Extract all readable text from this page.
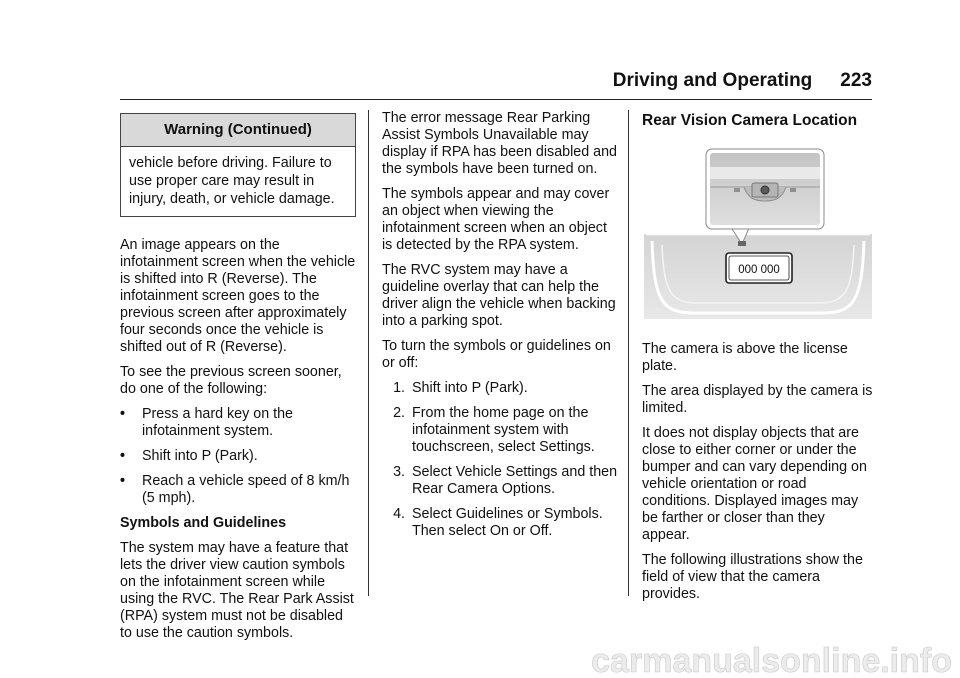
Driving and Operating 223
Warning (Continued)
vehicle before driving. Failure to use proper care may result in injury, death, or vehicle damage.

An image appears on the infotainment screen when the vehicle is shifted into R (Reverse). The infotainment screen goes to the previous screen after approximately four seconds once the vehicle is shifted out of R (Reverse).

To see the previous screen sooner, do one of the following:

•	Press a hard key on the infotainment system.
•	Shift into P (Park).
•	Reach a vehicle speed of 8 km/h (5 mph).

Symbols and Guidelines

The system may have a feature that lets the driver view caution symbols on the infotainment screen while using the RVC. The Rear Park Assist (RPA) system must not be disabled to use the caution symbols.

The error message Rear Parking Assist Symbols Unavailable may display if RPA has been disabled and the symbols have been turned on.

The symbols appear and may cover an object when viewing the infotainment screen when an object is detected by the RPA system.

The RVC system may have a guideline overlay that can help the driver align the vehicle when backing into a parking spot.

To turn the symbols or guidelines on or off:

1. Shift into P (Park).
2. From the home page on the infotainment system with touchscreen, select Settings.
3. Select Vehicle Settings and then Rear Camera Options.
4. Select Guidelines or Symbols. Then select On or Off.
Rear Vision Camera Location
000 000

The camera is above the license plate.

The area displayed by the camera is limited.

It does not display objects that are close to either corner or under the bumper and can vary depending on vehicle orientation or road conditions. Displayed images may be farther or closer than they appear.

The following illustrations show the field of view that the camera provides.

carmanualsonline.info
